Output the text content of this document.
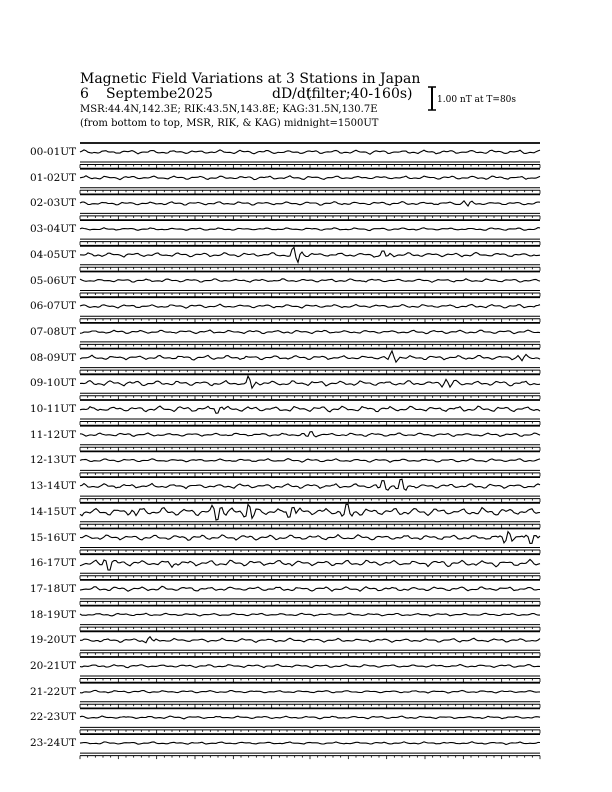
Magnetic Field Variations at 3 Stations in Japan
6 Septembe2025	dD/dt
(filter;40-160s)
MSR:44.4N,142.3E; RIK:43.5N,143.8E; KAG:31.5N,130.7E
(from bottom to top, MSR, RIK, & KAG) midnight=1500UT
1.00 nT at T=80s
00-01UT
01-02UT
02-03UT
03-04UT
04-05UT
05-06UT
06-07UT
07-08UT
08-09UT
09-10UT
10-11UT
11-12UT
12-13UT
13-14UT
14-15UT
15-16UT
16-17UT
17-18UT
18-19UT
19-20UT
20-21UT
21-22UT
22-23UT
23-24UT
